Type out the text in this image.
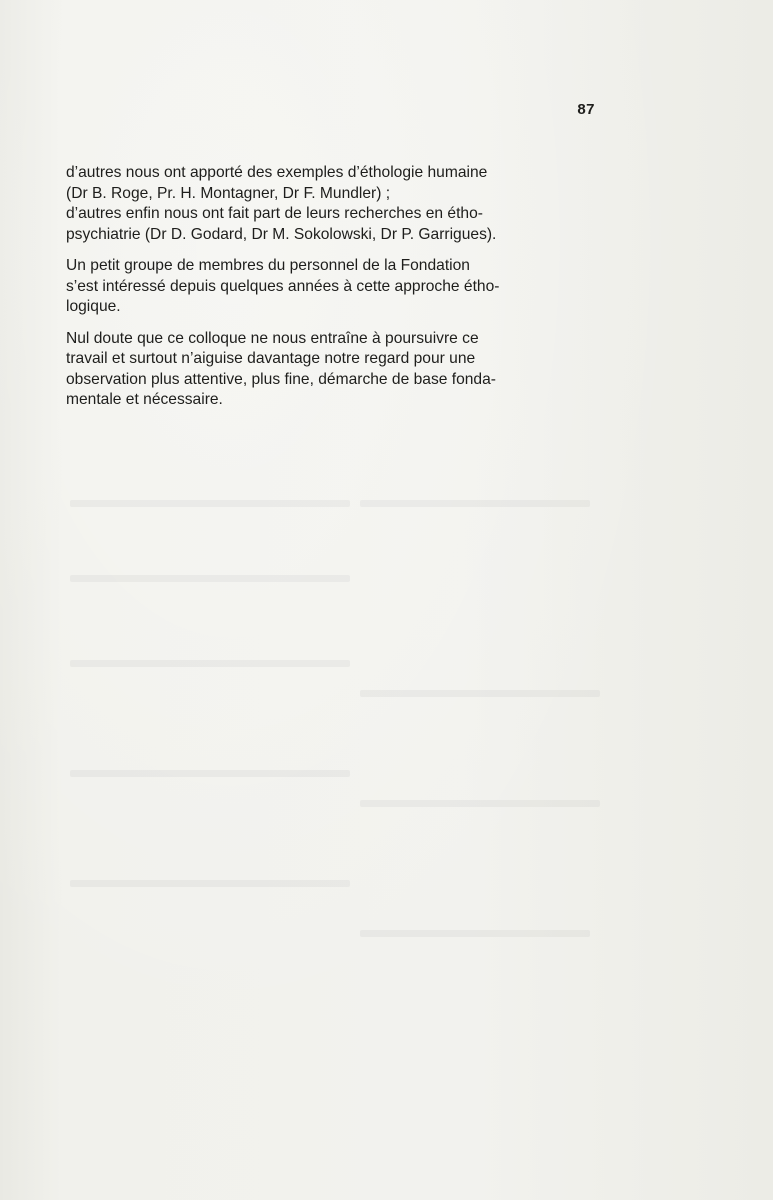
87

d’autres nous ont apporté des exemples d’éthologie humaine
(Dr B. Roge, Pr. H. Montagner, Dr F. Mundler) ;

d’autres enfin nous ont fait part de leurs recherches en étho-
psychiatrie (Dr D. Godard, Dr M. Sokolowski, Dr P. Garrigues).

Un petit groupe de membres du personnel de la Fondation
s’est intéressé depuis quelques années à cette approche étho-
logique.

Nul doute que ce colloque ne nous entraîne à poursuivre ce
travail et surtout n’aiguise davantage notre regard pour une
observation plus attentive, plus fine, démarche de base fonda-
mentale et nécessaire.
